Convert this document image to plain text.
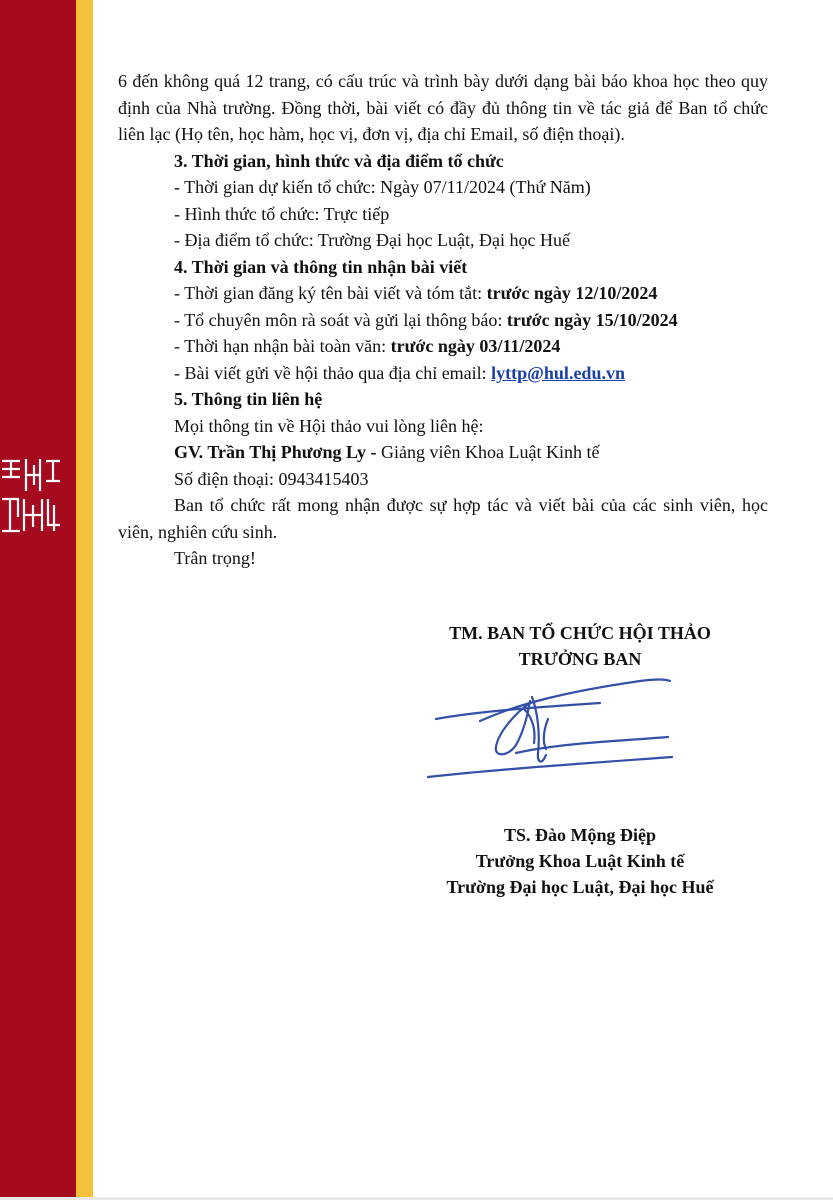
6 đến không quá 12 trang, có cấu trúc và trình bày dưới dạng bài báo khoa học theo quy định của Nhà trường. Đồng thời, bài viết có đầy đủ thông tin về tác giả để Ban tổ chức liên lạc (Họ tên, học hàm, học vị, đơn vị, địa chỉ Email, số điện thoại).

3. Thời gian, hình thức và địa điểm tổ chức

- Thời gian dự kiến tổ chức: Ngày 07/11/2024 (Thứ Năm)

- Hình thức tổ chức: Trực tiếp

- Địa điểm tổ chức: Trường Đại học Luật, Đại học Huế

4. Thời gian và thông tin nhận bài viết

- Thời gian đăng ký tên bài viết và tóm tắt: trước ngày 12/10/2024

- Tổ chuyên môn rà soát và gửi lại thông báo: trước ngày 15/10/2024

- Thời hạn nhận bài toàn văn: trước ngày 03/11/2024

- Bài viết gửi về hội thảo qua địa chỉ email: lyttp@hul.edu.vn

5. Thông tin liên hệ

Mọi thông tin về Hội thảo vui lòng liên hệ:

GV. Trần Thị Phương Ly - Giảng viên Khoa Luật Kinh tế

Số điện thoại: 0943415403

Ban tổ chức rất mong nhận được sự hợp tác và viết bài của các sinh viên, học viên, nghiên cứu sinh.

Trân trọng!

TM. BAN TỔ CHỨC HỘI THẢO
TRƯỞNG BAN
TS. Đào Mộng Điệp
Trưởng Khoa Luật Kinh tế
Trường Đại học Luật, Đại học Huế
